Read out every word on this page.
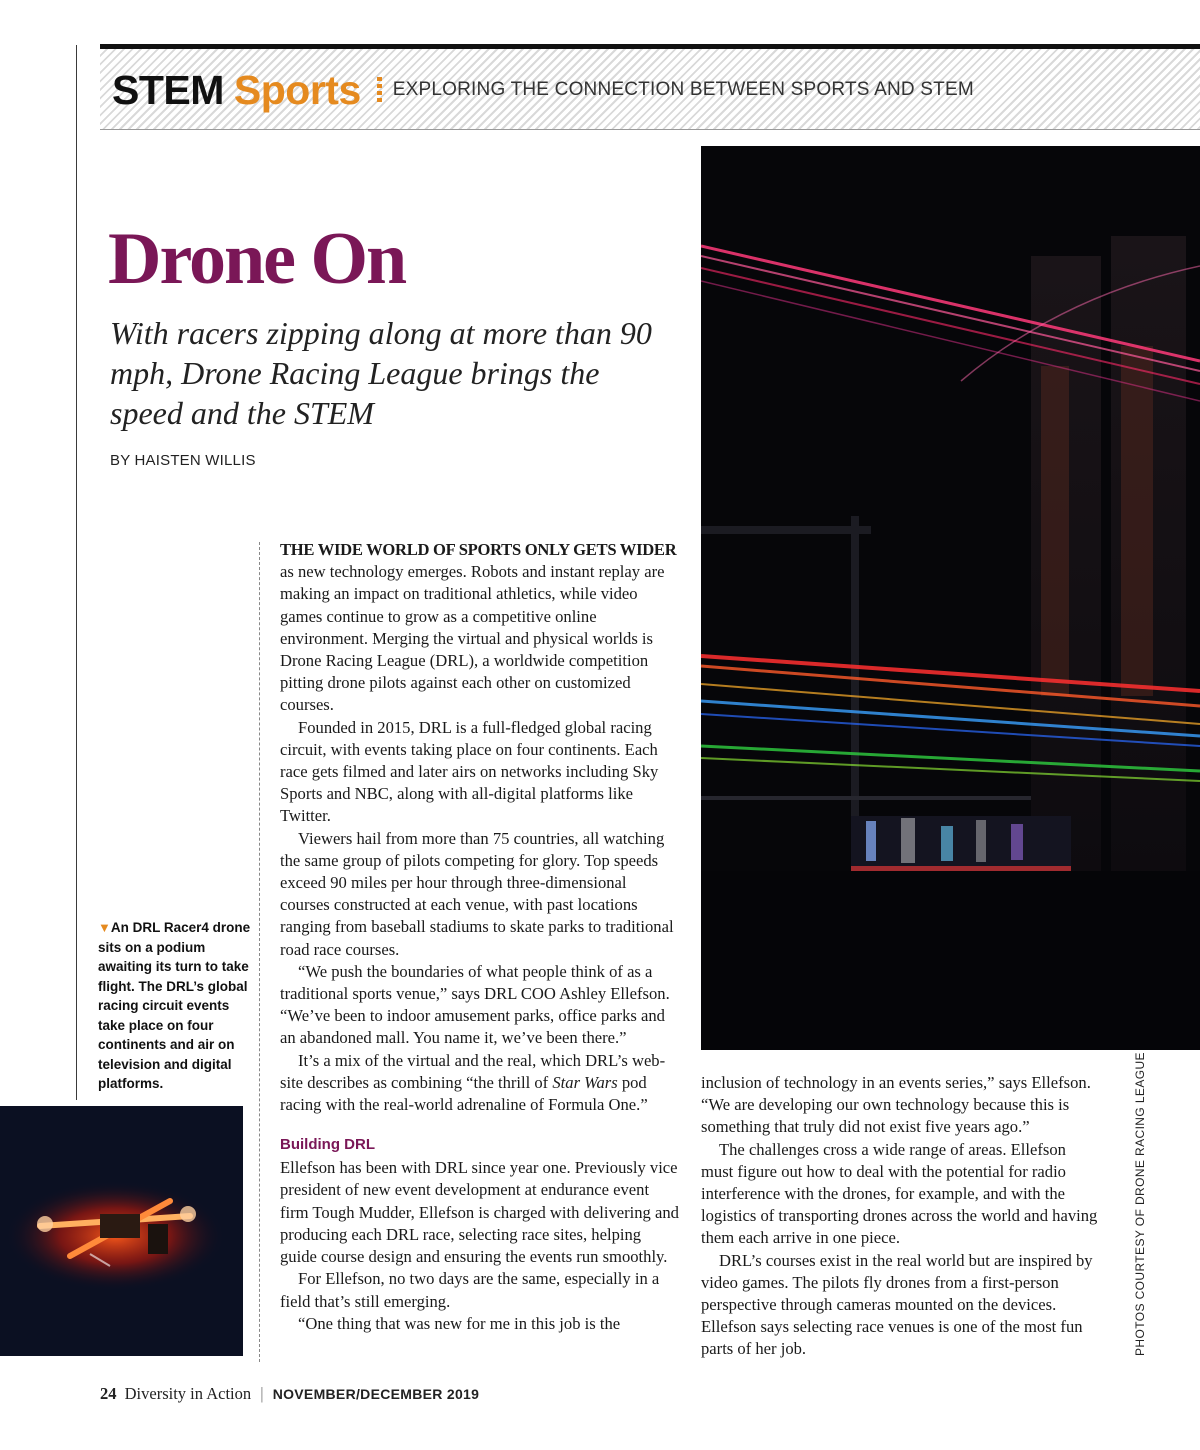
STEM Sports EXPLORING THE CONNECTION BETWEEN SPORTS AND STEM
Drone On

With racers zipping along at more than 90 mph, Drone Racing League brings the speed and the STEM

BY HAISTEN WILLIS

THE WIDE WORLD OF SPORTS ONLY GETS WIDER as new technology emerges. Robots and instant replay are making an impact on traditional athletics, while video games continue to grow as a competitive online environment. Merging the virtual and physical worlds is Drone Racing League (DRL), a worldwide competition pitting drone pilots against each other on customized courses.

Founded in 2015, DRL is a full-fledged global racing circuit, with events taking place on four continents. Each race gets filmed and later airs on networks including Sky Sports and NBC, along with all-digital platforms like Twitter.

Viewers hail from more than 75 countries, all watching the same group of pilots competing for glory. Top speeds exceed 90 miles per hour through three-dimensional courses constructed at each venue, with past locations ranging from baseball stadiums to skate parks to traditional road race courses.

“We push the boundaries of what people think of as a traditional sports venue,” says DRL COO Ashley Ellefson. “We’ve been to indoor amusement parks, office parks and an abandoned mall. You name it, we’ve been there.”

It’s a mix of the virtual and the real, which DRL’s website describes as combining “the thrill of Star Wars pod racing with the real-world adrenaline of Formula One.”

Building DRL

Ellefson has been with DRL since year one. Previously vice president of new event development at endurance event firm Tough Mudder, Ellefson is charged with delivering and producing each DRL race, selecting race sites, helping guide course design and ensuring the events run smoothly.

For Ellefson, no two days are the same, especially in a field that’s still emerging.

“One thing that was new for me in this job is the

inclusion of technology in an events series,” says Ellefson. “We are developing our own technology because this is something that truly did not exist five years ago.”

The challenges cross a wide range of areas. Ellefson must figure out how to deal with the potential for radio interference with the drones, for example, and with the logistics of transporting drones across the world and having them each arrive in one piece.

DRL’s courses exist in the real world but are inspired by video games. The pilots fly drones from a first-person perspective through cameras mounted on the devices. Ellefson says selecting race venues is one of the most fun parts of her job.

▼An DRL Racer4 drone sits on a podium awaiting its turn to take flight. The DRL’s global racing circuit events take place on four continents and air on television and digital platforms.	PHOTOS COURTESY OF DRONE RACING LEAGUE
24 Diversity in Action | NOVEMBER/DECEMBER 2019
